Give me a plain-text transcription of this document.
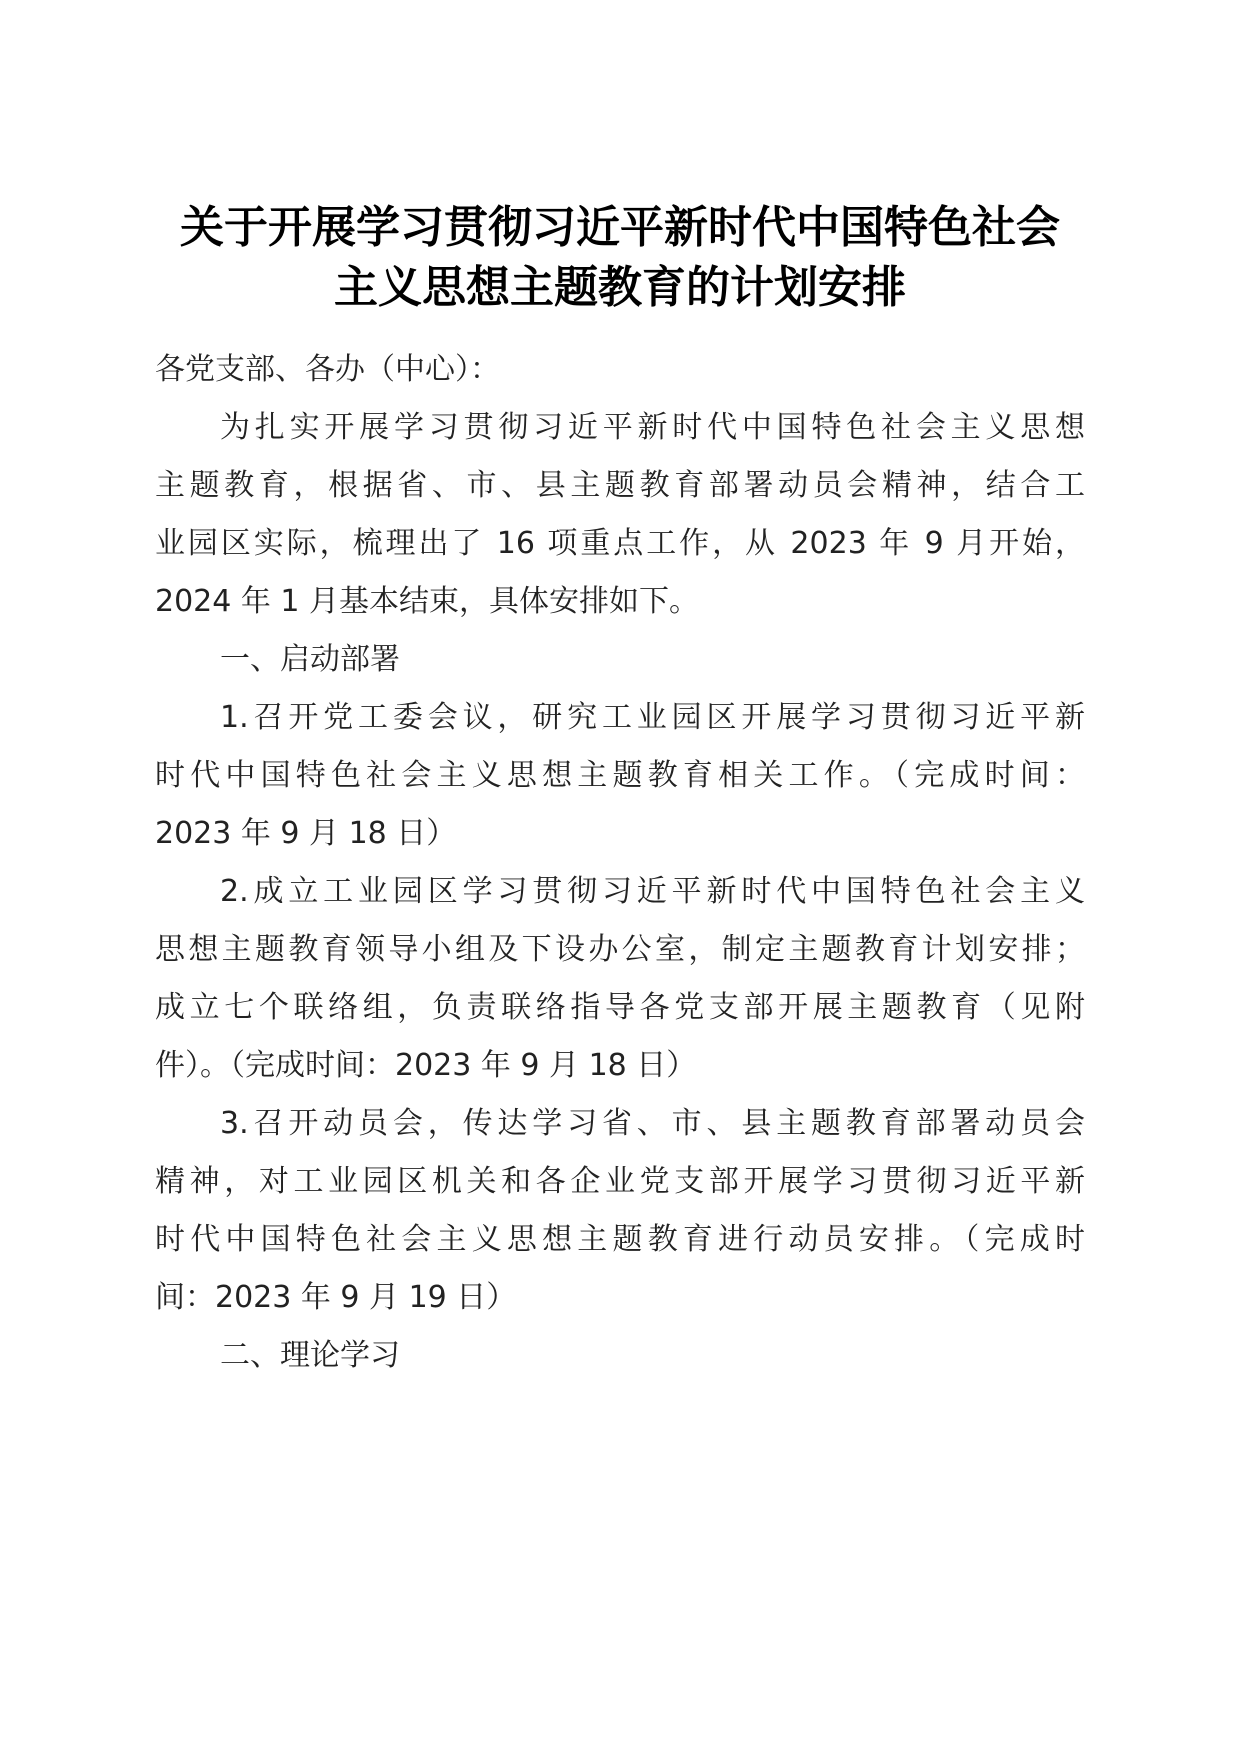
关于开展学习贯彻习近平新时代中国特色社会
主义思想主题教育的计划安排
各党支部、各办（中心）：
为扎实开展学习贯彻习近平新时代中国特色社会主义思想
主题教育，根据省、市、县主题教育部署动员会精神，结合工
业园区实际，梳理出了 16 项重点工作，从 2023 年 9 月开始，
2024 年 1 月基本结束，具体安排如下。
一、启动部署
1.召开党工委会议，研究工业园区开展学习贯彻习近平新
时代中国特色社会主义思想主题教育相关工作。（完成时间：
2023 年 9 月 18 日）
2.成立工业园区学习贯彻习近平新时代中国特色社会主义
思想主题教育领导小组及下设办公室，制定主题教育计划安排；
成立七个联络组，负责联络指导各党支部开展主题教育（见附
件）。（完成时间：2023 年 9 月 18 日）
3.召开动员会，传达学习省、市、县主题教育部署动员会
精神，对工业园区机关和各企业党支部开展学习贯彻习近平新
时代中国特色社会主义思想主题教育进行动员安排。（完成时
间：2023 年 9 月 19 日）
二、理论学习
